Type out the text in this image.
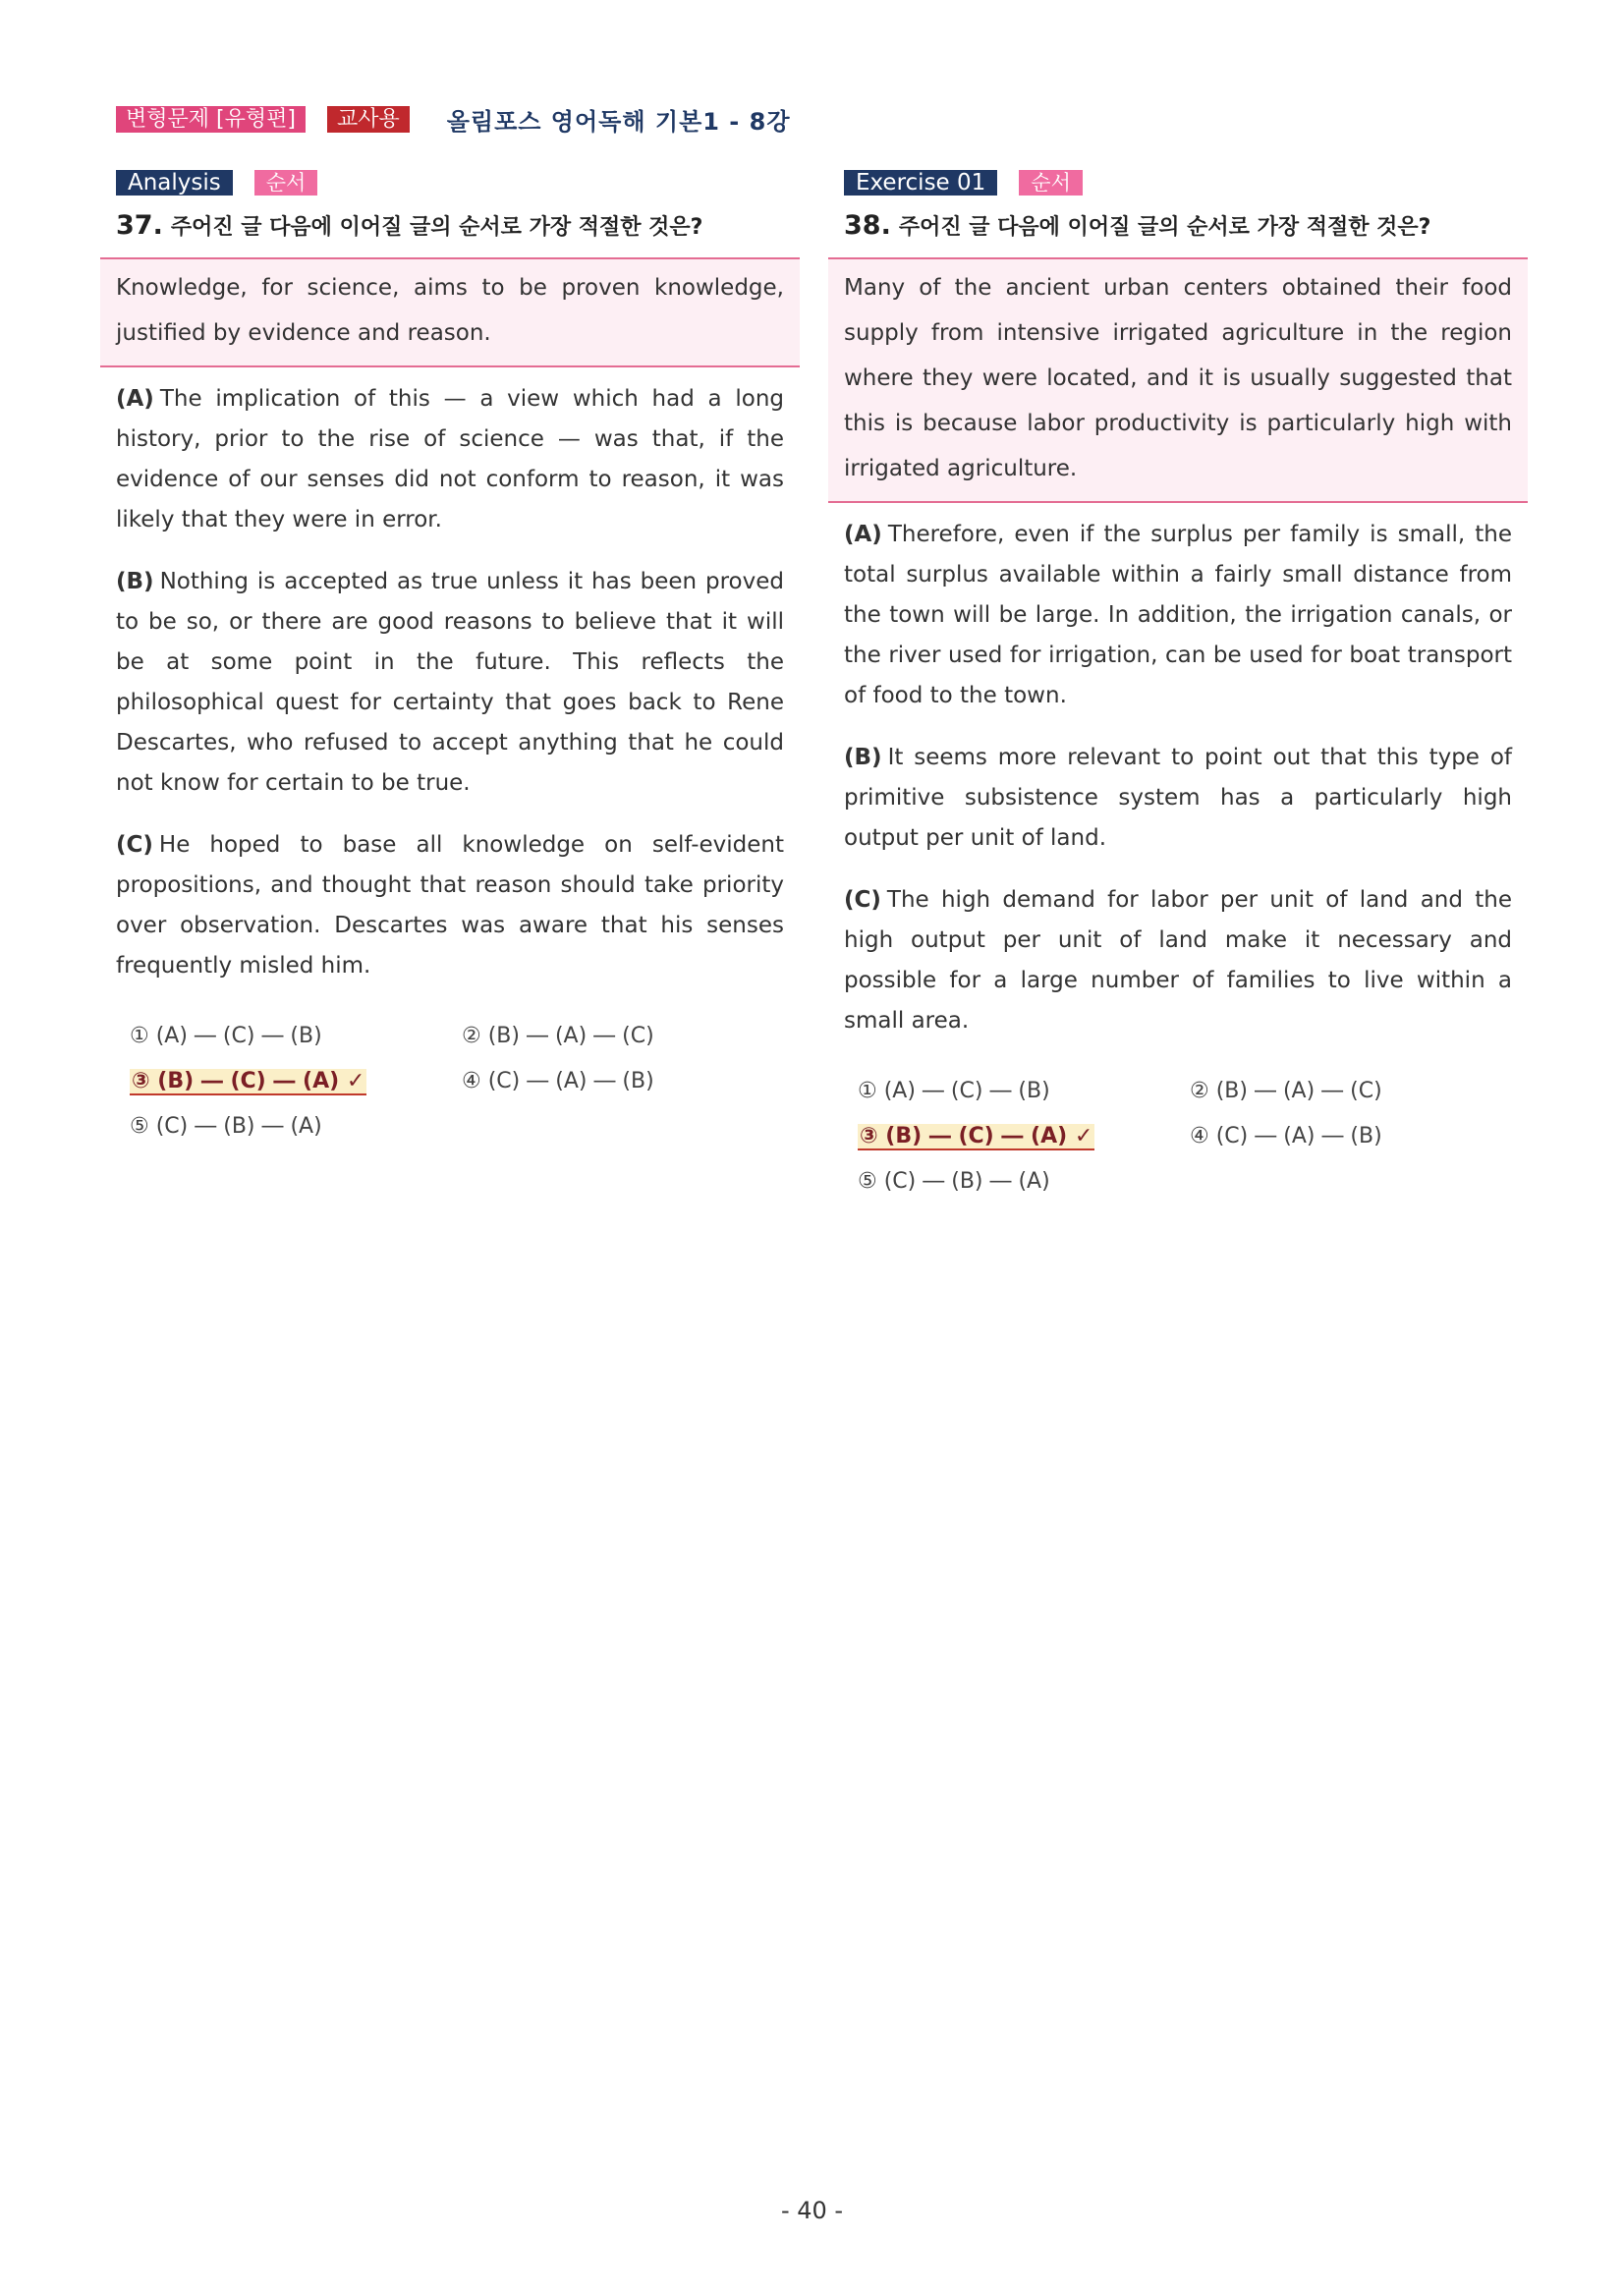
변형문제 [유형편]	교사용	올림포스 영어독해 기본1 - 8강
Analysis	순서
37. 주어진 글 다음에 이어질 글의 순서로 가장 적절한 것은?
Knowledge, for science, aims to be proven knowledge, justified by evidence and reason.
(A) The implication of this — a view which had a long history, prior to the rise of science — was that, if the evidence of our senses did not conform to reason, it was likely that they were in error.
(B) Nothing is accepted as true unless it has been proved to be so, or there are good reasons to believe that it will be at some point in the future. This reflects the philosophical quest for certainty that goes back to Rene Descartes, who refused to accept anything that he could not know for certain to be true.
(C) He hoped to base all knowledge on self-evident propositions, and thought that reason should take priority over observation. Descartes was aware that his senses frequently misled him.
① (A) ― (C) ― (B)	② (B) ― (A) ― (C)
③ (B) ― (C) ― (A) ✓	④ (C) ― (A) ― (B)
⑤ (C) ― (B) ― (A)
Exercise 01	순서
38. 주어진 글 다음에 이어질 글의 순서로 가장 적절한 것은?
Many of the ancient urban centers obtained their food supply from intensive irrigated agriculture in the region where they were located, and it is usually suggested that this is because labor productivity is particularly high with irrigated agriculture.
(A) Therefore, even if the surplus per family is small, the total surplus available within a fairly small distance from the town will be large. In addition, the irrigation canals, or the river used for irrigation, can be used for boat transport of food to the town.
(B) It seems more relevant to point out that this type of primitive subsistence system has a particularly high output per unit of land.
(C) The high demand for labor per unit of land and the high output per unit of land make it necessary and possible for a large number of families to live within a small area.
① (A) ― (C) ― (B)	② (B) ― (A) ― (C)
③ (B) ― (C) ― (A) ✓	④ (C) ― (A) ― (B)
⑤ (C) ― (B) ― (A)
- 40 -
